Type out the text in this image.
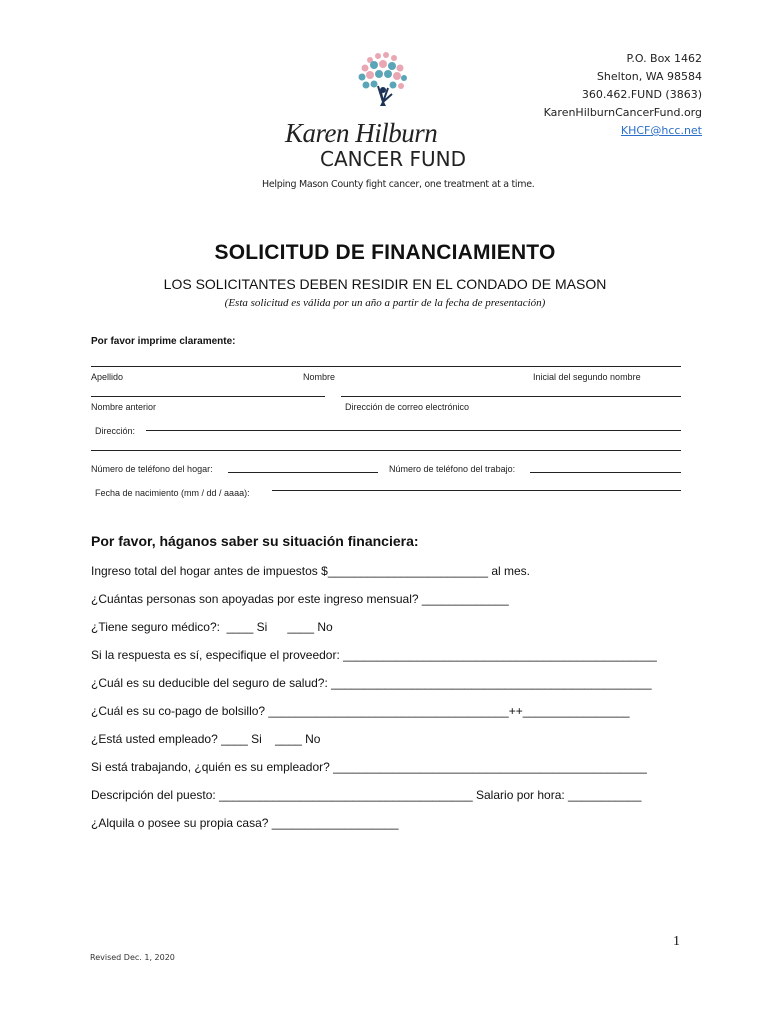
P.O. Box 1462
Shelton, WA 98584
360.462.FUND (3863)
KarenHilburnCancerFund.org
KHCF@hcc.net
Karen Hilburn
CANCER FUND
Helping Mason County fight cancer, one treatment at a time.
SOLICITUD DE FINANCIAMIENTO
LOS SOLICITANTES DEBEN RESIDIR EN EL CONDADO DE MASON
(Esta solicitud es válida por un año a partir de la fecha de presentación)
Por favor imprime claramente:
Apellido	Nombre	Inicial del segundo nombre
Nombre anterior	Dirección de correo electrónico
Dirección:
Número de teléfono del hogar:	Número de teléfono del trabajo:
Fecha de nacimiento (mm / dd / aaaa):
Por favor, háganos saber su situación financiera:
Ingreso total del hogar antes de impuestos $________________________ al mes.
¿Cuántas personas son apoyadas por este ingreso mensual? _____________
¿Tiene seguro médico?:  ____ Si      ____ No
Si la respuesta es sí, especifique el proveedor: _______________________________________________
¿Cuál es su deducible del seguro de salud?: ________________________________________________
¿Cuál es su co-pago de bolsillo? ____________________________________++________________
¿Está usted empleado? ____ Si    ____ No
Si está trabajando, ¿quién es su empleador? _______________________________________________
Descripción del puesto: ______________________________________ Salario por hora: ___________
¿Alquila o posee su propia casa? ___________________
1
Revised Dec. 1, 2020
